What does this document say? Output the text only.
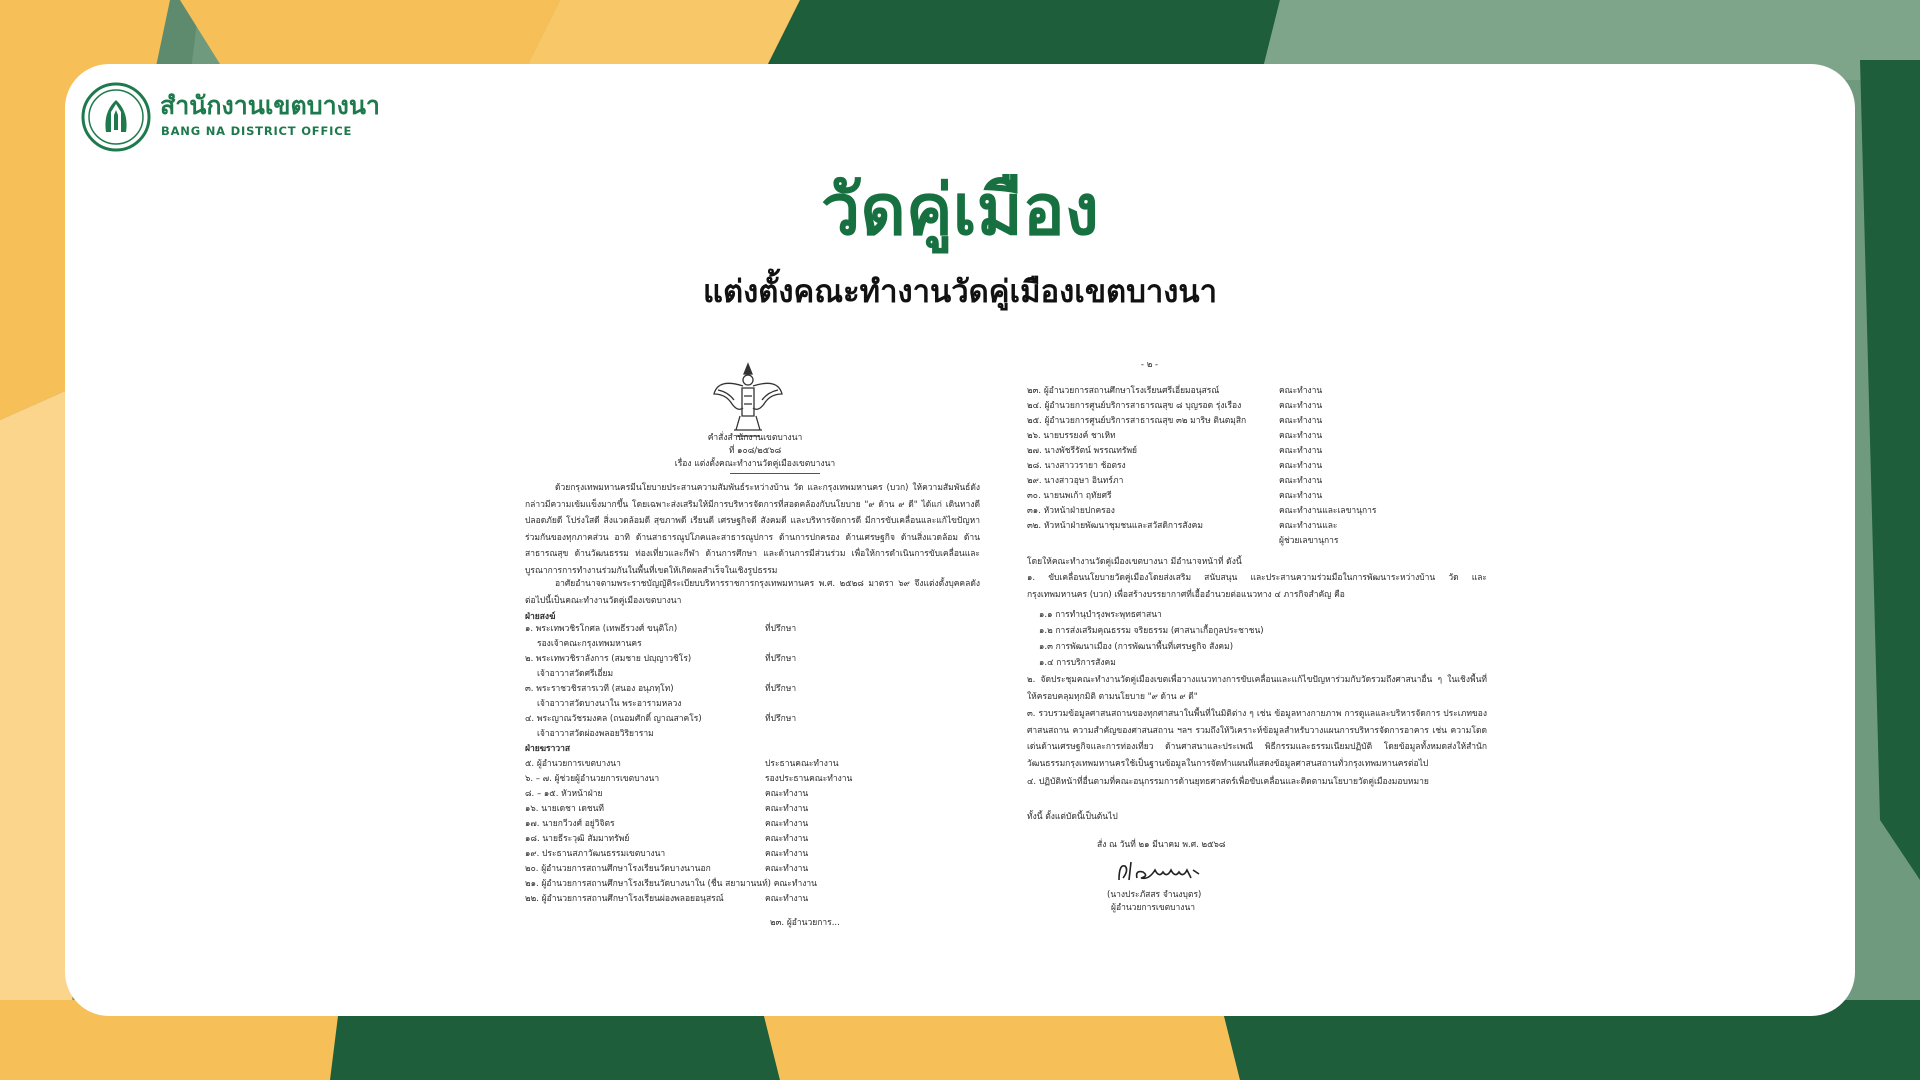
สำนักงานเขตบางนา
BANG NA DISTRICT OFFICE
วัดคู่เมือง
แต่งตั้งคณะทำงานวัดคู่เมืองเขตบางนา
คำสั่งสำนักงานเขตบางนา
ที่ ๑๐๘/๒๕๖๘
เรื่อง แต่งตั้งคณะทำงานวัดคู่เมืองเขตบางนา
ด้วยกรุงเทพมหานครมีนโยบายประสานความสัมพันธ์ระหว่างบ้าน วัด และกรุงเทพมหานคร (บวก) ให้ความสัมพันธ์ดังกล่าวมีความเข้มแข็งมากขึ้น โดยเฉพาะส่งเสริมให้มีการบริหารจัดการที่สอดคล้องกับนโยบาย "๙ ด้าน ๙ ดี" ได้แก่ เดินทางดี ปลอดภัยดี โปร่งใสดี สิ่งแวดล้อมดี สุขภาพดี เรียนดี เศรษฐกิจดี สังคมดี และบริหารจัดการดี มีการขับเคลื่อนและแก้ไขปัญหาร่วมกันของทุกภาคส่วน อาทิ ด้านสาธารณูปโภคและสาธารณูปการ ด้านการปกครอง ด้านเศรษฐกิจ ด้านสิ่งแวดล้อม ด้านสาธารณสุข ด้านวัฒนธรรม ท่องเที่ยวและกีฬา ด้านการศึกษา และด้านการมีส่วนร่วม เพื่อให้การดำเนินการขับเคลื่อนและบูรณาการการทำงานร่วมกันในพื้นที่เขตให้เกิดผลสำเร็จในเชิงรูปธรรม
อาศัยอำนาจตามพระราชบัญญัติระเบียบบริหารราชการกรุงเทพมหานคร พ.ศ. ๒๕๒๘ มาตรา ๖๙ จึงแต่งตั้งบุคคลดังต่อไปนี้เป็นคณะทำงานวัดคู่เมืองเขตบางนา
ฝ่ายสงฆ์
๑. พระเทพวชิรโกศล (เทพธีรวงศ์ ขนฺติโก)	ที่ปรึกษา
รองเจ้าคณะกรุงเทพมหานคร
๒. พระเทพวชิราลังการ (สมชาย ปญฺญาวชิโร)	ที่ปรึกษา
เจ้าอาวาสวัดศรีเอี่ยม
๓. พระราชวชิรสารเวที (สนอง อนุภทฺโท)	ที่ปรึกษา
เจ้าอาวาสวัดบางนาใน พระอารามหลวง
๔. พระญาณวัชรมงคล (ถนอมศักดิ์ ญาณสาคโร)	ที่ปรึกษา
เจ้าอาวาสวัดผ่องพลอยวิริยาราม
ฝ่ายฆราวาส
๕. ผู้อำนวยการเขตบางนา	ประธานคณะทำงาน
๖. – ๗. ผู้ช่วยผู้อำนวยการเขตบางนา	รองประธานคณะทำงาน
๘. – ๑๕. หัวหน้าฝ่าย	คณะทำงาน
๑๖. นายเดชา เดชนที	คณะทำงาน
๑๗. นายกวีวงศ์ อยู่วิจิตร	คณะทำงาน
๑๘. นายธีระวุฒิ สัมมาทรัพย์	คณะทำงาน
๑๙. ประธานสภาวัฒนธรรมเขตบางนา	คณะทำงาน
๒๐. ผู้อำนวยการสถานศึกษาโรงเรียนวัดบางนานอก	คณะทำงาน
๒๑. ผู้อำนวยการสถานศึกษาโรงเรียนวัดบางนาใน (ชื่น สยามานนท์) คณะทำงาน
๒๒. ผู้อำนวยการสถานศึกษาโรงเรียนผ่องพลอยอนุสรณ์	คณะทำงาน
๒๓. ผู้อำนวยการ...
- ๒ -
๒๓. ผู้อำนวยการสถานศึกษาโรงเรียนศรีเอี่ยมอนุสรณ์	คณะทำงาน
๒๔. ผู้อำนวยการศูนย์บริการสาธารณสุข ๘ บุญรอด รุ่งเรือง	คณะทำงาน
๒๕. ผู้อำนวยการศูนย์บริการสาธารณสุข ๓๒ มาริษ ตินตมุสิก	คณะทำงาน
๒๖. นายบรรยงค์ ชาเหิท	คณะทำงาน
๒๗. นางพัชรีรัตน์ พรรณทรัพย์	คณะทำงาน
๒๘. นางสาววรายา ช้อตรง	คณะทำงาน
๒๙. นางสาวอุษา อินทร์ภา	คณะทำงาน
๓๐. นายนพเก้า ฤทัยศรี	คณะทำงาน
๓๑. หัวหน้าฝ่ายปกครอง	คณะทำงานและเลขานุการ
๓๒. หัวหน้าฝ่ายพัฒนาชุมชนและสวัสดิการสังคม	คณะทำงานและ
ผู้ช่วยเลขานุการ
โดยให้คณะทำงานวัดคู่เมืองเขตบางนา มีอำนาจหน้าที่ ดังนี้
๑. ขับเคลื่อนนโยบายวัดคู่เมืองโดยส่งเสริม สนับสนุน และประสานความร่วมมือในการพัฒนาระหว่างบ้าน วัด และกรุงเทพมหานคร (บวก) เพื่อสร้างบรรยากาศที่เอื้ออำนวยต่อแนวทาง ๔ ภารกิจสำคัญ คือ
๑.๑ การทำนุบำรุงพระพุทธศาสนา
๑.๒ การส่งเสริมคุณธรรม จริยธรรม (ศาสนาเกื้อกูลประชาชน)
๑.๓ การพัฒนาเมือง (การพัฒนาพื้นที่เศรษฐกิจ สังคม)
๑.๔ การบริการสังคม
๒. จัดประชุมคณะทำงานวัดคู่เมืองเขตเพื่อวางแนวทางการขับเคลื่อนและแก้ไขปัญหาร่วมกับวัดรวมถึงศาสนาอื่น ๆ ในเชิงพื้นที่ให้ครอบคลุมทุกมิติ ตามนโยบาย "๙ ด้าน ๙ ดี"
๓. รวบรวมข้อมูลศาสนสถานของทุกศาสนาในพื้นที่ในมิติต่าง ๆ เช่น ข้อมูลทางกายภาพ การดูแลและบริหารจัดการ ประเภทของศาสนสถาน ความสำคัญของศาสนสถาน ฯลฯ รวมถึงให้วิเคราะห์ข้อมูลสำหรับวางแผนการบริหารจัดการอาคาร เช่น ความโดดเด่นด้านเศรษฐกิจและการท่องเที่ยว ด้านศาสนาและประเพณี พิธีกรรมและธรรมเนียมปฏิบัติ โดยข้อมูลทั้งหมดส่งให้สำนักวัฒนธรรมกรุงเทพมหานครใช้เป็นฐานข้อมูลในการจัดทำแผนที่แสดงข้อมูลศาสนสถานทั่วกรุงเทพมหานครต่อไป
๔. ปฏิบัติหน้าที่อื่นตามที่คณะอนุกรรมการด้านยุทธศาสตร์เพื่อขับเคลื่อนและติดตามนโยบายวัดคู่เมืองมอบหมาย
ทั้งนี้ ตั้งแต่บัดนี้เป็นต้นไป
สั่ง ณ วันที่ ๒๑ มีนาคม พ.ศ. ๒๕๖๘
(นางประภัสสร จำนงบุตร)
ผู้อำนวยการเขตบางนา
